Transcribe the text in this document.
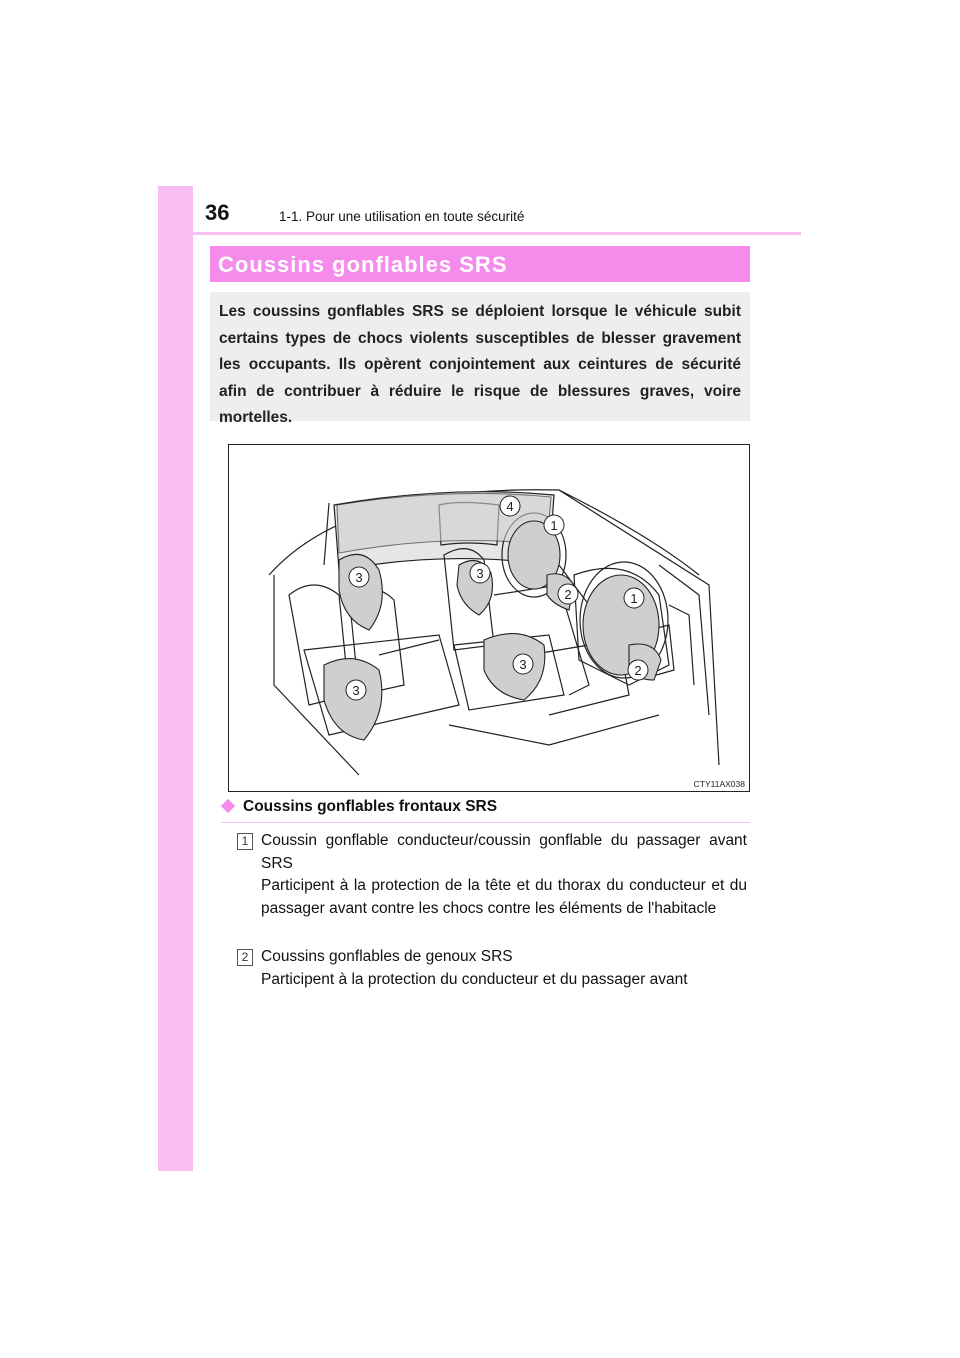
36	1-1. Pour une utilisation en toute sécurité
Coussins gonflables SRS
Les coussins gonflables SRS se déploient lorsque le véhicule subit certains types de chocs violents susceptibles de blesser gravement les occupants. Ils opèrent conjointement aux ceintures de sécurité afin de contribuer à réduire le risque de blessures graves, voire mortelles.
1
1
2
2
3	3
3
3
4
CTY11AX038
Coussins gonflables frontaux SRS
1 Coussin gonflable conducteur/coussin gonflable du passager avant SRS
Participent à la protection de la tête et du thorax du conducteur et du passager avant contre les chocs contre les éléments de l'habitacle
2 Coussins gonflables de genoux SRS
Participent à la protection du conducteur et du passager avant
